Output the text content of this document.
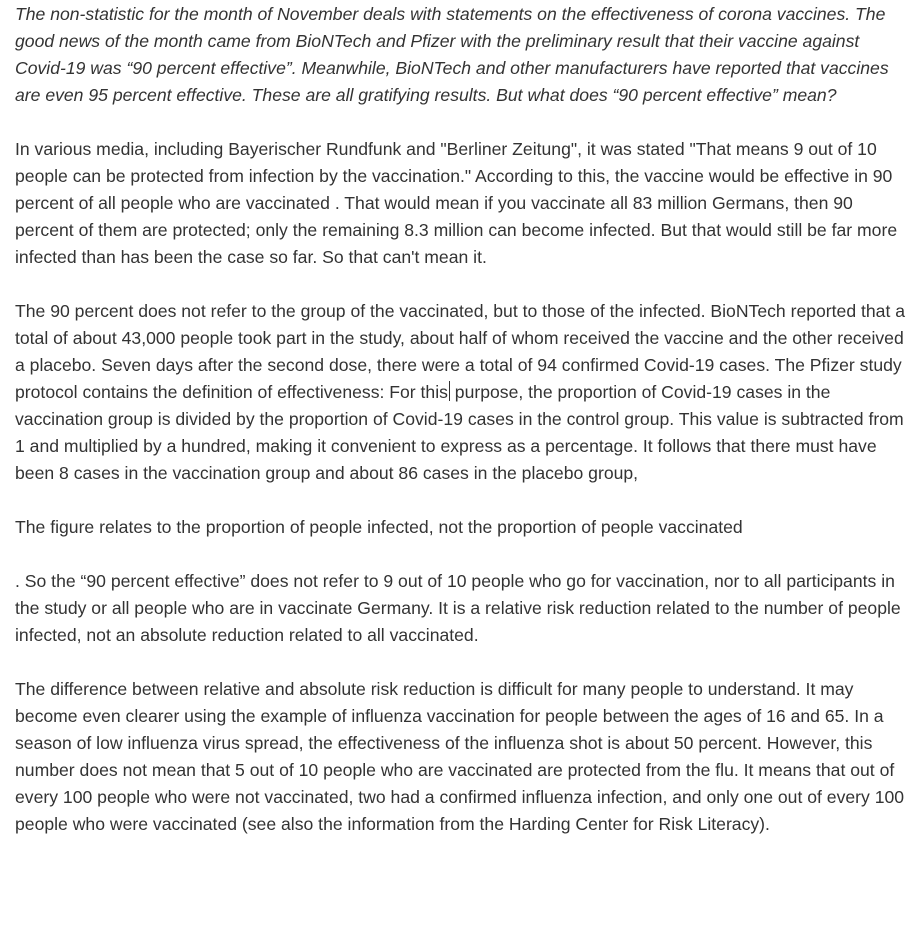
The non-statistic for the month of November deals with statements on the effectiveness of corona vaccines. The good news of the month came from BioNTech and Pfizer with the preliminary result that their vaccine against Covid-19 was “90 percent effective”. Meanwhile, BioNTech and other manufacturers have reported that vaccines are even 95 percent effective. These are all gratifying results. But what does “90 percent effective” mean?

In various media, including Bayerischer Rundfunk and "Berliner Zeitung", it was stated "That means 9 out of 10 people can be protected from infection by the vaccination." According to this, the vaccine would be effective in 90 percent of all people who are vaccinated . That would mean if you vaccinate all 83 million Germans, then 90 percent of them are protected; only the remaining 8.3 million can become infected. But that would still be far more infected than has been the case so far. So that can't mean it.

The 90 percent does not refer to the group of the vaccinated, but to those of the infected. BioNTech reported that a total of about 43,000 people took part in the study, about half of whom received the vaccine and the other received a placebo. Seven days after the second dose, there were a total of 94 confirmed Covid-19 cases. The Pfizer study protocol contains the definition of effectiveness: For this purpose, the proportion of Covid-19 cases in the vaccination group is divided by the proportion of Covid-19 cases in the control group. This value is subtracted from 1 and multiplied by a hundred, making it convenient to express as a percentage. It follows that there must have been 8 cases in the vaccination group and about 86 cases in the placebo group,

The figure relates to the proportion of people infected, not the proportion of people vaccinated

. So the “90 percent effective” does not refer to 9 out of 10 people who go for vaccination, nor to all participants in the study or all people who are in vaccinate Germany. It is a relative risk reduction related to the number of people infected, not an absolute reduction related to all vaccinated.

The difference between relative and absolute risk reduction is difficult for many people to understand. It may become even clearer using the example of influenza vaccination for people between the ages of 16 and 65. In a season of low influenza virus spread, the effectiveness of the influenza shot is about 50 percent. However, this number does not mean that 5 out of 10 people who are vaccinated are protected from the flu. It means that out of every 100 people who were not vaccinated, two had a confirmed influenza infection, and only one out of every 100 people who were vaccinated (see also the information from the Harding Center for Risk Literacy).
